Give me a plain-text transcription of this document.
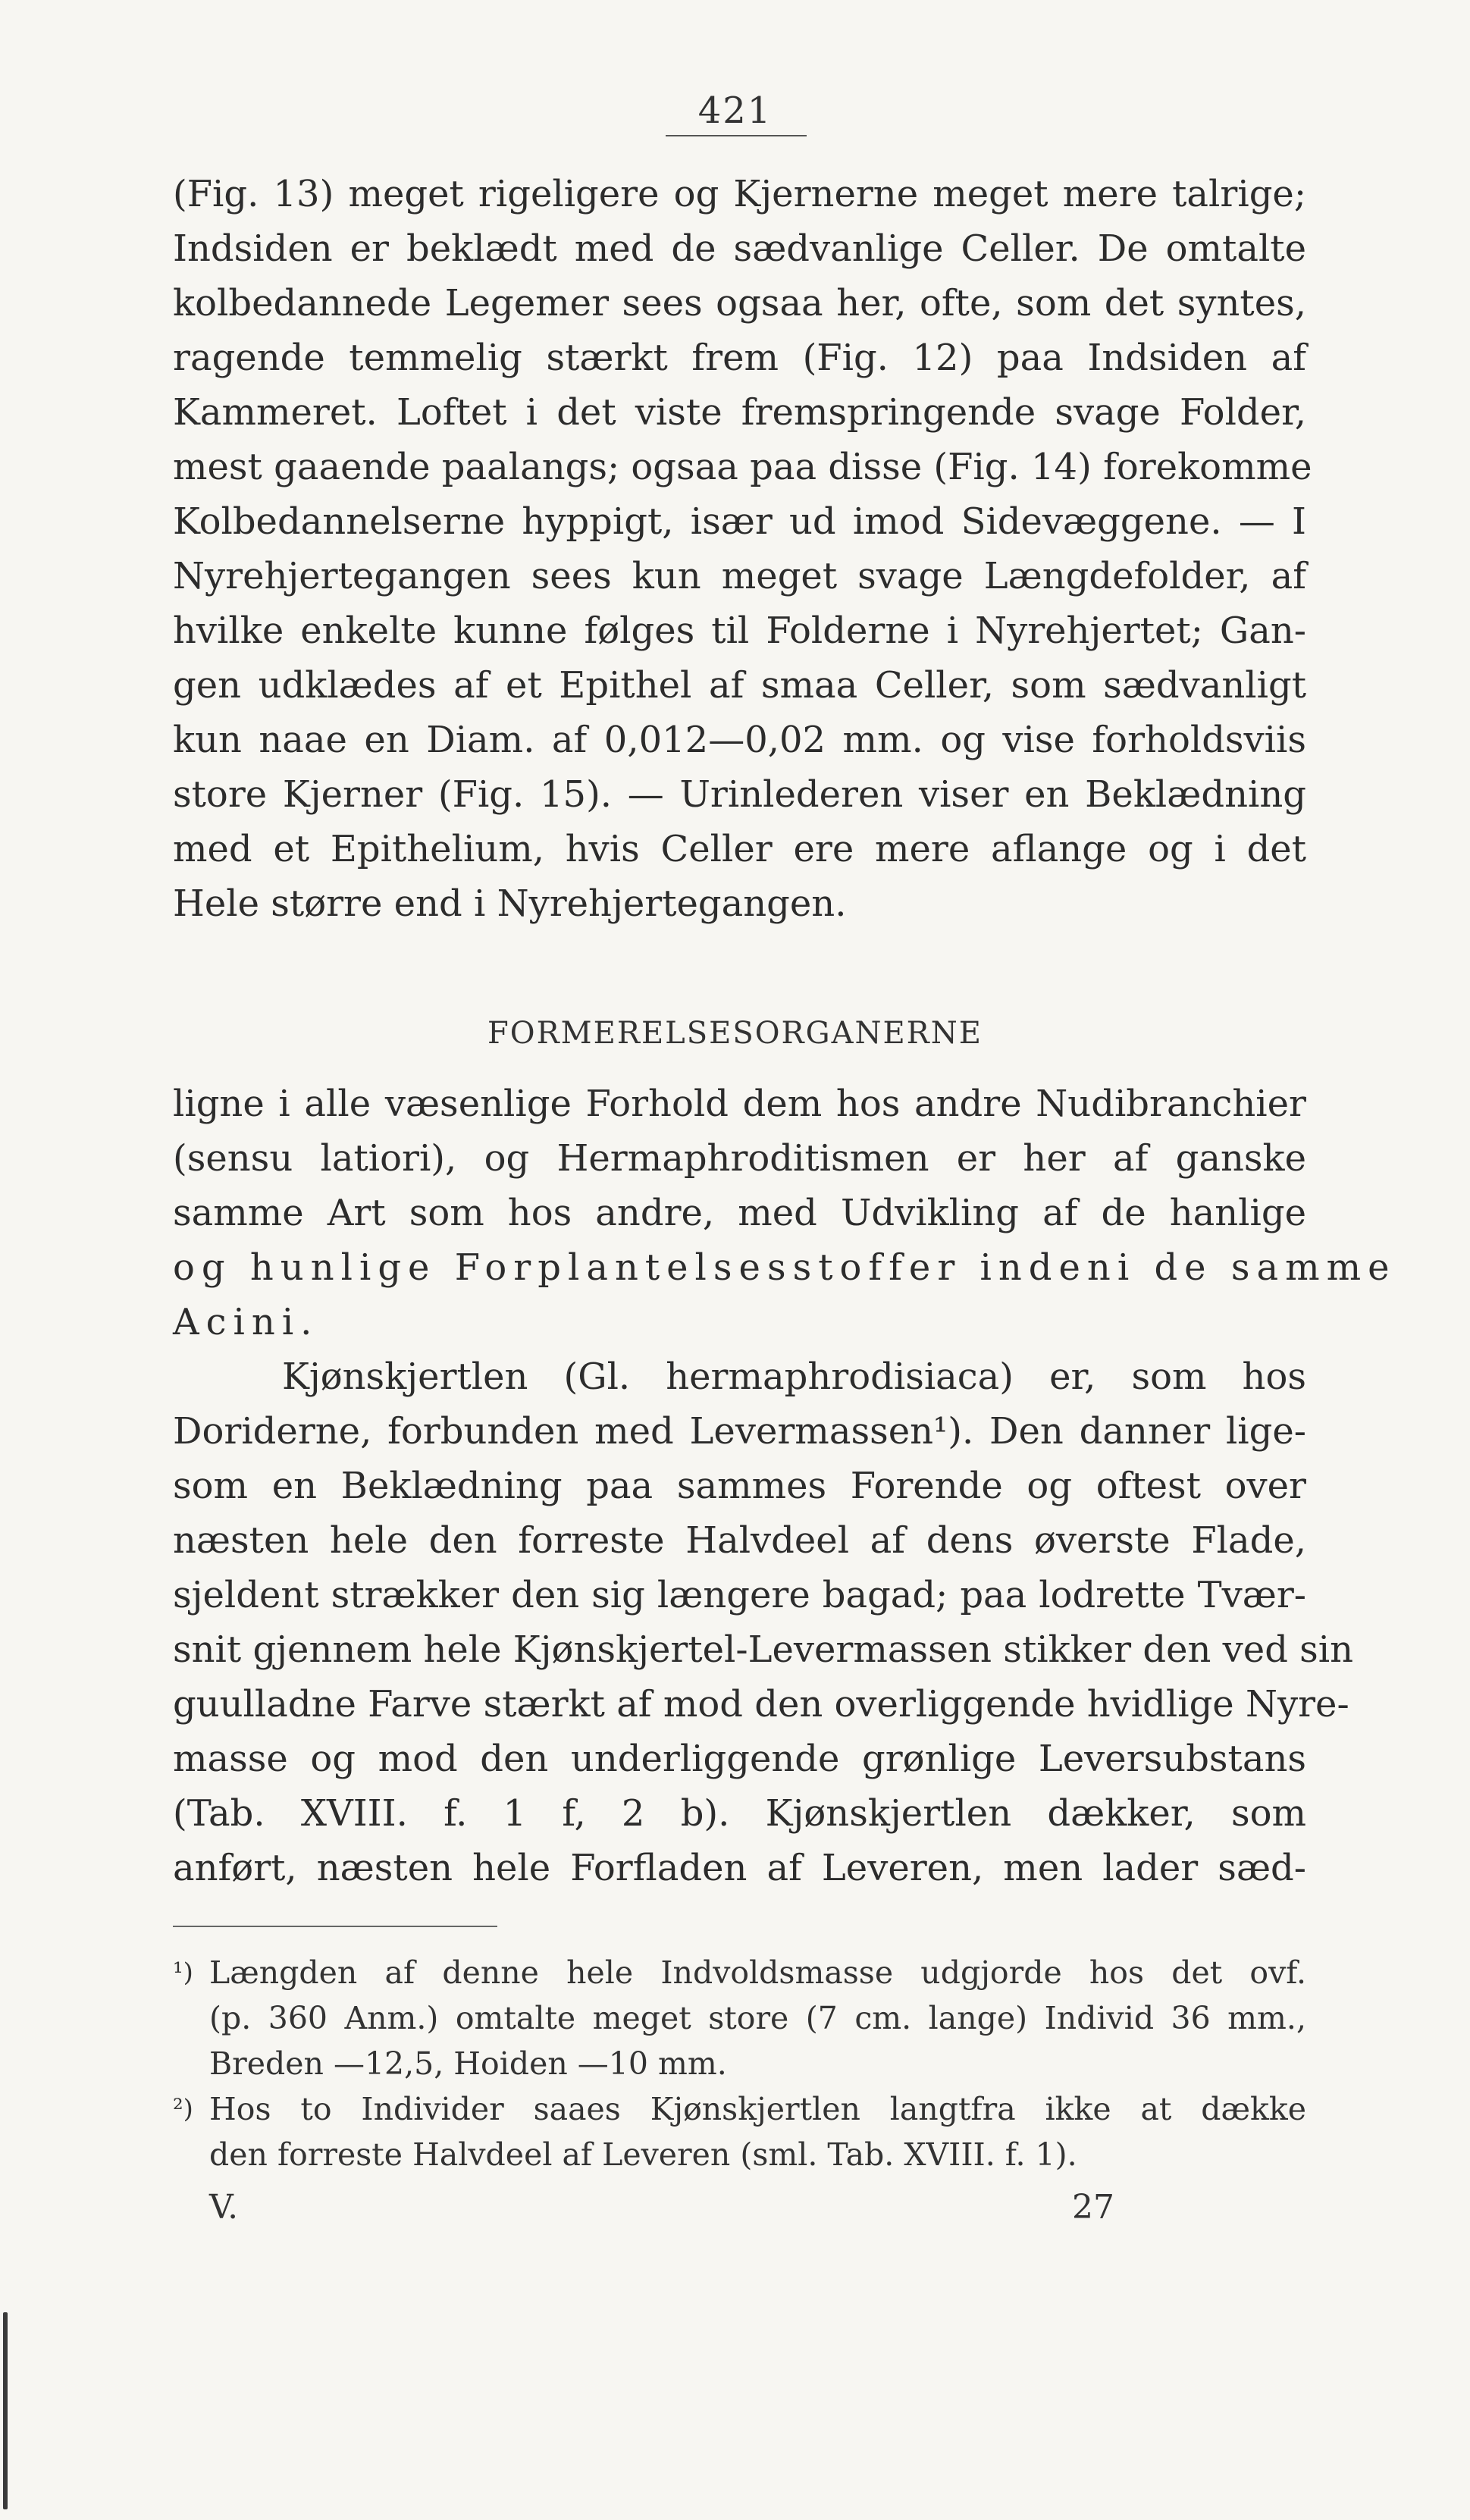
421
(Fig. 13) meget rigeligere og Kjernerne meget mere talrige;
Indsiden er beklædt med de sædvanlige Celler. De omtalte
kolbedannede Legemer sees ogsaa her, ofte, som det syntes,
ragende temmelig stærkt frem (Fig. 12) paa Indsiden af
Kammeret. Loftet i det viste fremspringende svage Folder,
mest gaaende paalangs; ogsaa paa disse (Fig. 14) forekomme
Kolbedannelserne hyppigt, især ud imod Sidevæggene. — I
Nyrehjertegangen sees kun meget svage Længdefolder, af
hvilke enkelte kunne følges til Folderne i Nyrehjertet; Gan-
gen udklædes af et Epithel af smaa Celler, som sædvanligt
kun naae en Diam. af 0,012—0,02 mm. og vise forholdsviis
store Kjerner (Fig. 15). — Urinlederen viser en Beklædning
med et Epithelium, hvis Celler ere mere aflange og i det
Hele større end i Nyrehjertegangen.
FORMERELSESORGANERNE
ligne i alle væsenlige Forhold dem hos andre Nudibranchier
(sensu latiori), og Hermaphroditismen er her af ganske
samme Art som hos andre, med Udvikling af de hanlige
og hunlige Forplantelsesstoffer indeni de samme
Acini.
Kjønskjertlen (Gl. hermaphrodisiaca) er, som hos
Doriderne, forbunden med Levermassen¹). Den danner lige-
som en Beklædning paa sammes Forende og oftest over
næsten hele den forreste Halvdeel af dens øverste Flade,
sjeldent strækker den sig længere bagad; paa lodrette Tvær-
snit gjennem hele Kjønskjertel-Levermassen stikker den ved sin
guulladne Farve stærkt af mod den overliggende hvidlige Nyre-
masse og mod den underliggende grønlige Leversubstans
(Tab. XVIII. f. 1 f, 2 b). Kjønskjertlen dækker, som
anført, næsten hele Forfladen af Leveren, men lader sæd-
¹) Længden af denne hele Indvoldsmasse udgjorde hos det ovf.
(p. 360 Anm.) omtalte meget store (7 cm. lange) Individ 36 mm.,
Breden —12,5, Hoiden —10 mm.
²) Hos to Individer saaes Kjønskjertlen langtfra ikke at dække
den forreste Halvdeel af Leveren (sml. Tab. XVIII. f. 1).
V.	27
